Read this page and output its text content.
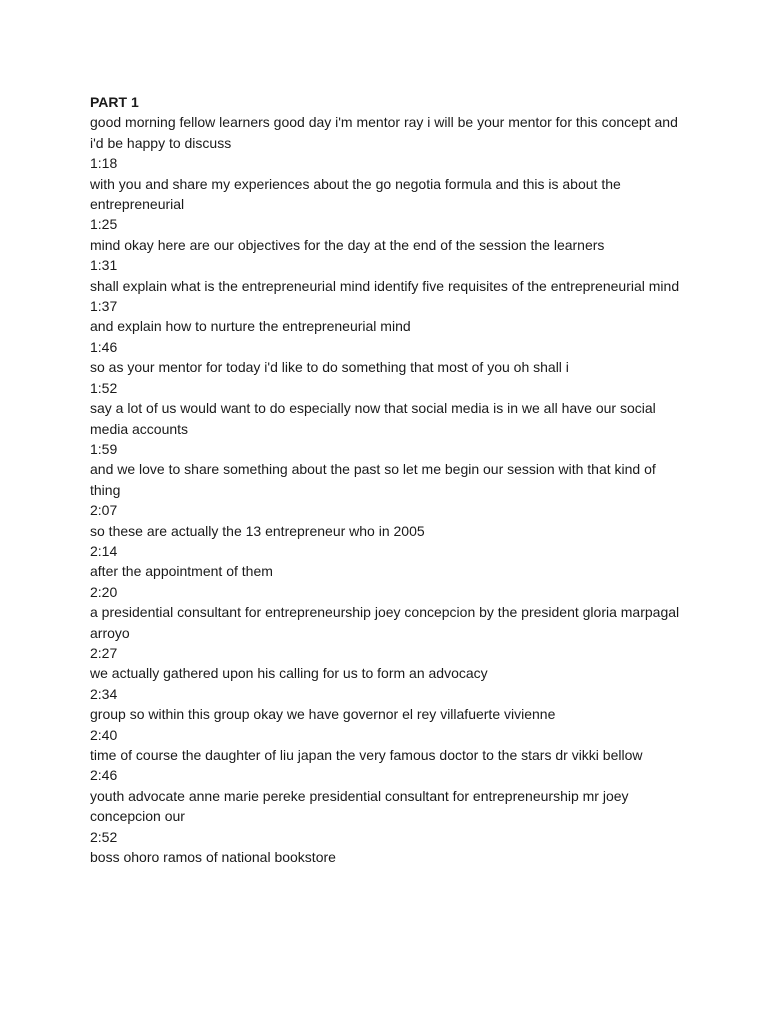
PART 1

good morning fellow learners good day i'm mentor ray i will be your mentor for this concept and i'd be happy to discuss

1:18

with you and share my experiences about the go negotia formula and this is about the entrepreneurial

1:25

mind okay here are our objectives for the day at the end of the session the learners

1:31

shall explain what is the entrepreneurial mind identify five requisites of the entrepreneurial mind

1:37

and explain how to nurture the entrepreneurial mind

1:46

so as your mentor for today i'd like to do something that most of you oh shall i

1:52

say a lot of us would want to do especially now that social media is in we all have our social media accounts

1:59

and we love to share something about the past so let me begin our session with that kind of thing

2:07

so these are actually the 13 entrepreneur who in 2005

2:14

after the appointment of them

2:20

a presidential consultant for entrepreneurship joey concepcion by the president gloria marpagal arroyo

2:27

we actually gathered upon his calling for us to form an advocacy

2:34

group so within this group okay we have governor el rey villafuerte vivienne

2:40

time of course the daughter of liu japan the very famous doctor to the stars dr vikki bellow

2:46

youth advocate anne marie pereke presidential consultant for entrepreneurship mr joey concepcion our

2:52

boss ohoro ramos of national bookstore
